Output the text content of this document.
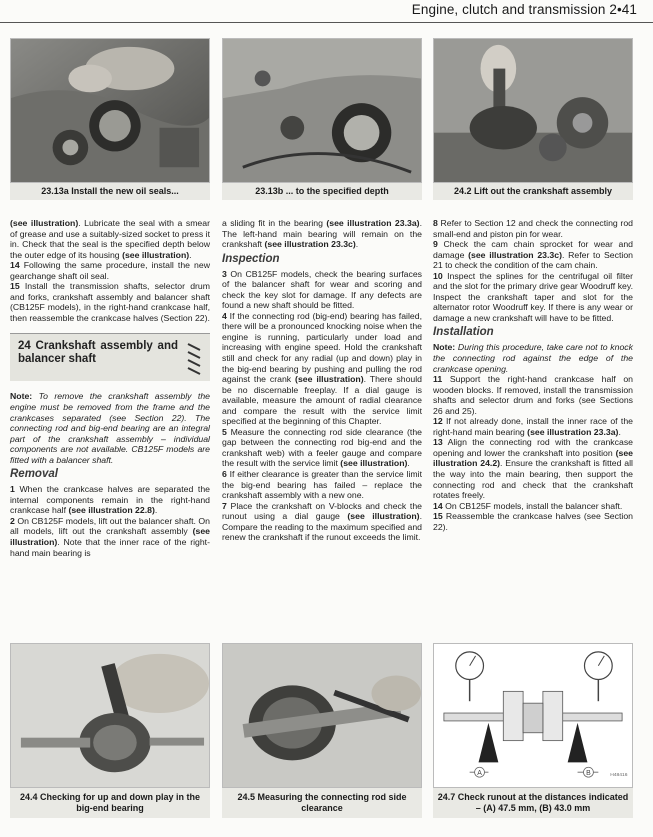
Engine, clutch and transmission 2•41
23.13a Install the new oil seals...	23.13b ... to the specified depth	24.2 Lift out the crankshaft assembly

(see illustration). Lubricate the seal with a smear of grease and use a suitably-sized socket to press it in. Check that the seal is the specified depth below the outer edge of its housing (see illustration).

14 Following the same procedure, install the new gearchange shaft oil seal.

15 Install the transmission shafts, selector drum and forks, crankshaft assembly and balancer shaft (CB125F models), in the right-hand crankcase half, then reassemble the crankcase halves (Section 22).

24 Crankshaft assembly and balancer shaft

Note: To remove the crankshaft assembly the engine must be removed from the frame and the crankcases separated (see Section 22). The connecting rod and big-end bearing are an integral part of the crankshaft assembly – individual components are not available. CB125F models are fitted with a balancer shaft.

Removal

1 When the crankcase halves are separated the internal components remain in the right-hand crankcase half (see illustration 22.8).

2 On CB125F models, lift out the balancer shaft. On all models, lift out the crankshaft assembly (see illustration). Note that the inner race of the right-hand main bearing is

a sliding fit in the bearing (see illustration 23.3a). The left-hand main bearing will remain on the crankshaft (see illustration 23.3c).

Inspection

3 On CB125F models, check the bearing surfaces of the balancer shaft for wear and scoring and check the key slot for damage. If any defects are found a new shaft should be fitted.

4 If the connecting rod (big-end) bearing has failed, there will be a pronounced knocking noise when the engine is running, particularly under load and increasing with engine speed. Hold the crankshaft still and check for any radial (up and down) play in the big-end bearing by pushing and pulling the rod against the crank (see illustration). There should be no discernable freeplay. If a dial gauge is available, measure the amount of radial clearance and compare the result with the service limit specified at the beginning of this Chapter.

5 Measure the connecting rod side clearance (the gap between the connecting rod big-end and the crankshaft web) with a feeler gauge and compare the result with the service limit (see illustration).

6 If either clearance is greater than the service limit the big-end bearing has failed – replace the crankshaft assembly with a new one.

7 Place the crankshaft on V-blocks and check the runout using a dial gauge (see illustration). Compare the reading to the maximum specified and renew the crankshaft if the runout exceeds the limit.

8 Refer to Section 12 and check the connecting rod small-end and piston pin for wear.

9 Check the cam chain sprocket for wear and damage (see illustration 23.3c). Refer to Section 21 to check the condition of the cam chain.

10 Inspect the splines for the centrifugal oil filter and the slot for the primary drive gear Woodruff key. Inspect the crankshaft taper and slot for the alternator rotor Woodruff key. If there is any wear or damage a new crankshaft will have to be fitted.

Installation

Note: During this procedure, take care not to knock the connecting rod against the edge of the crankcase opening.

11 Support the right-hand crankcase half on wooden blocks. If removed, install the transmission shafts and selector drum and forks (see Sections 26 and 25).

12 If not already done, install the inner race of the right-hand main bearing (see illustration 23.3a).

13 Align the connecting rod with the crankcase opening and lower the crankshaft into position (see illustration 24.2). Ensure the crankshaft is fitted all the way into the main bearing, then support the connecting rod and check that the crankshaft rotates freely.

14 On CB125F models, install the balancer shaft.

15 Reassemble the crankcase halves (see Section 22).

24.4 Checking for up and down play in the big-end bearing
24.5 Measuring the connecting rod side clearance
A	B	H48416
24.7 Check runout at the distances indicated – (A) 47.5 mm, (B) 43.0 mm
